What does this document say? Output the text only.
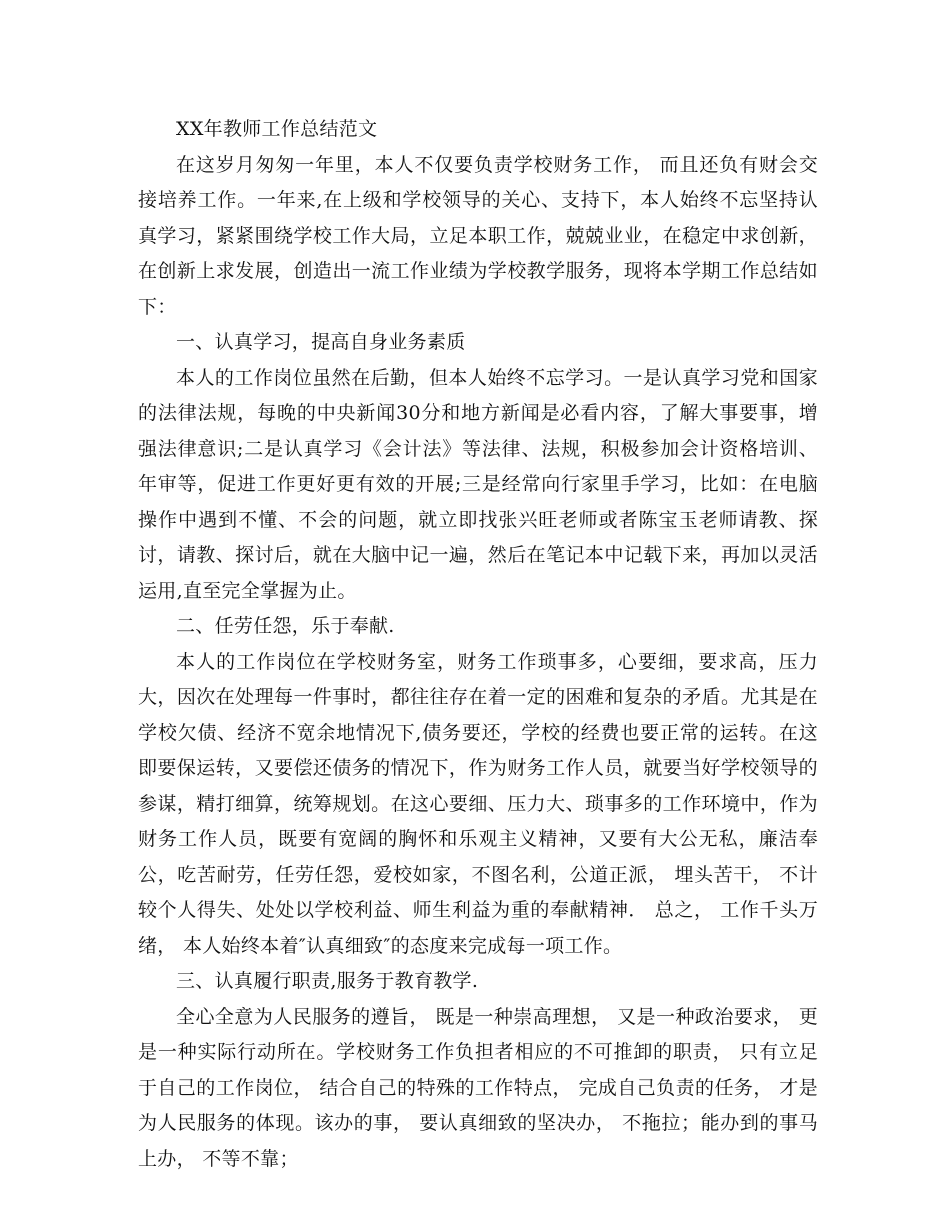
XX年教师工作总结范文

在这岁月匆匆一年里，本人不仅要负责学校财务工作， 而且还负有财会交接培养工作。一年来,在上级和学校领导的关心、支持下，本人始终不忘坚持认真学习，紧紧围绕学校工作大局，立足本职工作，兢兢业业，在稳定中求创新，在创新上求发展，创造出一流工作业绩为学校教学服务，现将本学期工作总结如下：

一、认真学习，提高自身业务素质

本人的工作岗位虽然在后勤，但本人始终不忘学习。一是认真学习党和国家的法律法规，每晚的中央新闻30分和地方新闻是必看内容，了解大事要事，增强法律意识;二是认真学习《会计法》等法律、法规，积极参加会计资格培训、年审等，促进工作更好更有效的开展;三是经常向行家里手学习，比如：在电脑操作中遇到不懂、不会的问题，就立即找张兴旺老师或者陈宝玉老师请教、探讨，请教、探讨后，就在大脑中记一遍，然后在笔记本中记载下来，再加以灵活运用,直至完全掌握为止。

二、任劳任怨，乐于奉献.

本人的工作岗位在学校财务室，财务工作琐事多，心要细，要求高，压力大，因次在处理每一件事时，都往往存在着一定的困难和复杂的矛盾。尤其是在学校欠债、经济不宽余地情况下,债务要还，学校的经费也要正常的运转。在这即要保运转，又要偿还债务的情况下，作为财务工作人员，就要当好学校领导的参谋，精打细算，统筹规划。在这心要细、压力大、琐事多的工作环境中，作为财务工作人员，既要有宽阔的胸怀和乐观主义精神，又要有大公无私，廉洁奉公，吃苦耐劳，任劳任怨，爱校如家，不图名利，公道正派， 埋头苦干， 不计较个人得失、处处以学校利益、师生利益为重的奉献精神． 总之， 工作千头万绪， 本人始终本着″认真细致″的态度来完成每一项工作。

三、认真履行职责,服务于教育教学.

全心全意为人民服务的遵旨， 既是一种崇高理想， 又是一种政治要求， 更是一种实际行动所在。学校财务工作负担者相应的不可推卸的职责， 只有立足于自己的工作岗位， 结合自己的特殊的工作特点， 完成自己负责的任务， 才是为人民服务的体现。该办的事， 要认真细致的坚决办， 不拖拉；能办到的事马上办， 不等不靠；
